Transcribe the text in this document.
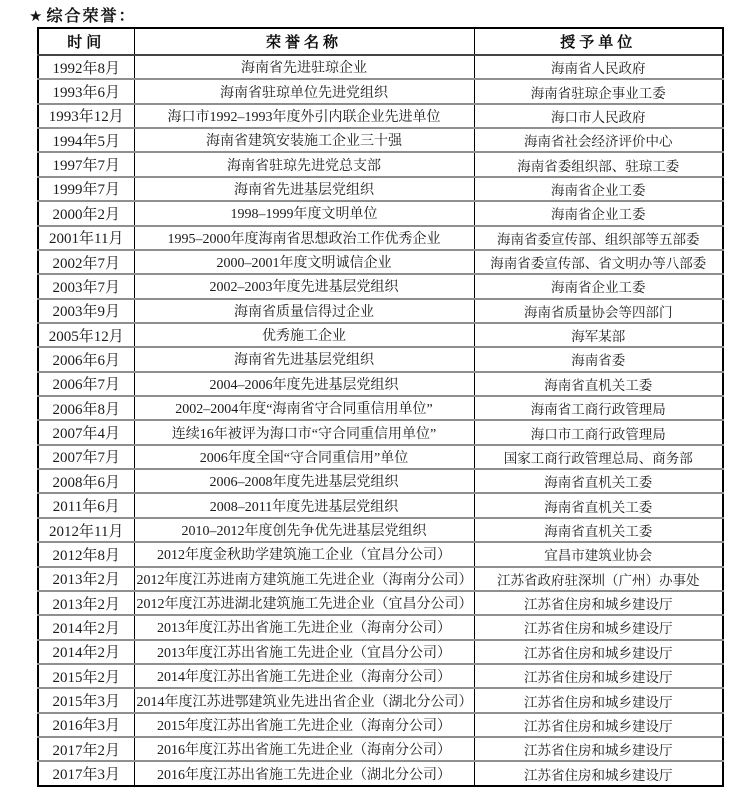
★ 综合荣誉：
时间	荣誉名称	授予单位
1992年8月	海南省先进驻琼企业	海南省人民政府
1993年6月	海南省驻琼单位先进党组织	海南省驻琼企事业工委
1993年12月	海口市1992–1993年度外引内联企业先进单位	海口市人民政府
1994年5月	海南省建筑安装施工企业三十强	海南省社会经济评价中心
1997年7月	海南省驻琼先进党总支部	海南省委组织部、驻琼工委
1999年7月	海南省先进基层党组织	海南省企业工委
2000年2月	1998–1999年度文明单位	海南省企业工委
2001年11月	1995–2000年度海南省思想政治工作优秀企业	海南省委宣传部、组织部等五部委
2002年7月	2000–2001年度文明诚信企业	海南省委宣传部、省文明办等八部委
2003年7月	2002–2003年度先进基层党组织	海南省企业工委
2003年9月	海南省质量信得过企业	海南省质量协会等四部门
2005年12月	优秀施工企业	海军某部
2006年6月	海南省先进基层党组织	海南省委
2006年7月	2004–2006年度先进基层党组织	海南省直机关工委
2006年8月	2002–2004年度“海南省守合同重信用单位”	海南省工商行政管理局
2007年4月	连续16年被评为海口市“守合同重信用单位”	海口市工商行政管理局
2007年7月	2006年度全国“守合同重信用”单位	国家工商行政管理总局、商务部
2008年6月	2006–2008年度先进基层党组织	海南省直机关工委
2011年6月	2008–2011年度先进基层党组织	海南省直机关工委
2012年11月	2010–2012年度创先争优先进基层党组织	海南省直机关工委
2012年8月	2012年度金秋助学建筑施工企业（宜昌分公司）	宜昌市建筑业协会
2013年2月	2012年度江苏进南方建筑施工先进企业（海南分公司）	江苏省政府驻深圳（广州）办事处
2013年2月	2012年度江苏进湖北建筑施工先进企业（宜昌分公司）	江苏省住房和城乡建设厅
2014年2月	2013年度江苏出省施工先进企业（海南分公司）	江苏省住房和城乡建设厅
2014年2月	2013年度江苏出省施工先进企业（宜昌分公司）	江苏省住房和城乡建设厅
2015年2月	2014年度江苏出省施工先进企业（海南分公司）	江苏省住房和城乡建设厅
2015年3月	2014年度江苏进鄂建筑业先进出省企业（湖北分公司）	江苏省住房和城乡建设厅
2016年3月	2015年度江苏出省施工先进企业（海南分公司）	江苏省住房和城乡建设厅
2017年2月	2016年度江苏出省施工先进企业（海南分公司）	江苏省住房和城乡建设厅
2017年3月	2016年度江苏出省施工先进企业（湖北分公司）	江苏省住房和城乡建设厅
